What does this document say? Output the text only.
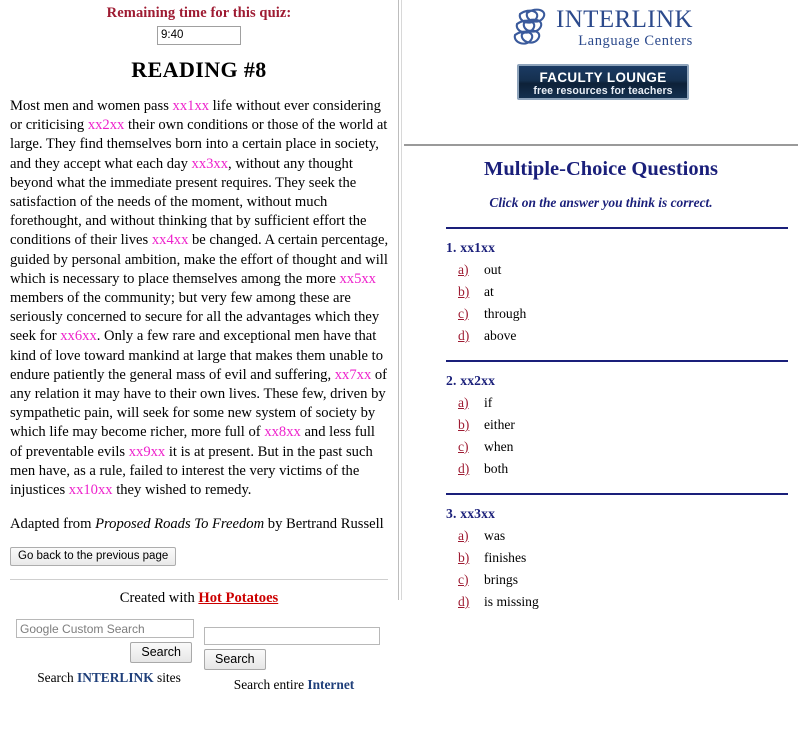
Remaining time for this quiz:
9:40
READING #8
Most men and women pass xx1xx life without ever considering or criticising xx2xx their own conditions or those of the world at large. They find themselves born into a certain place in society, and they accept what each day xx3xx, without any thought beyond what the immediate present requires. They seek the satisfaction of the needs of the moment, without much forethought, and without thinking that by sufficient effort the conditions of their lives xx4xx be changed. A certain percentage, guided by personal ambition, make the effort of thought and will which is necessary to place themselves among the more xx5xx members of the community; but very few among these are seriously concerned to secure for all the advantages which they seek for xx6xx. Only a few rare and exceptional men have that kind of love toward mankind at large that makes them unable to endure patiently the general mass of evil and suffering, xx7xx of any relation it may have to their own lives. These few, driven by sympathetic pain, will seek for some new system of society by which life may become richer, more full of xx8xx and less full of preventable evils xx9xx it is at present. But in the past such men have, as a rule, failed to interest the very victims of the injustices xx10xx they wished to remedy.
Adapted from Proposed Roads To Freedom by Bertrand Russell
Go back to the previous page
Created with Hot Potatoes
Google Custom Search
Search
Search INTERLINK sites
Search
Search entire Internet
INTERLINK
Language Centers
FACULTY LOUNGE
free resources for teachers
Multiple-Choice Questions
Click on the answer you think is correct.
1. xx1xx
a)	out
b)	at
c)	through
d)	above
2. xx2xx
a)	if
b)	either
c)	when
d)	both
3. xx3xx
a)	was
b)	finishes
c)	brings
d)	is missing
